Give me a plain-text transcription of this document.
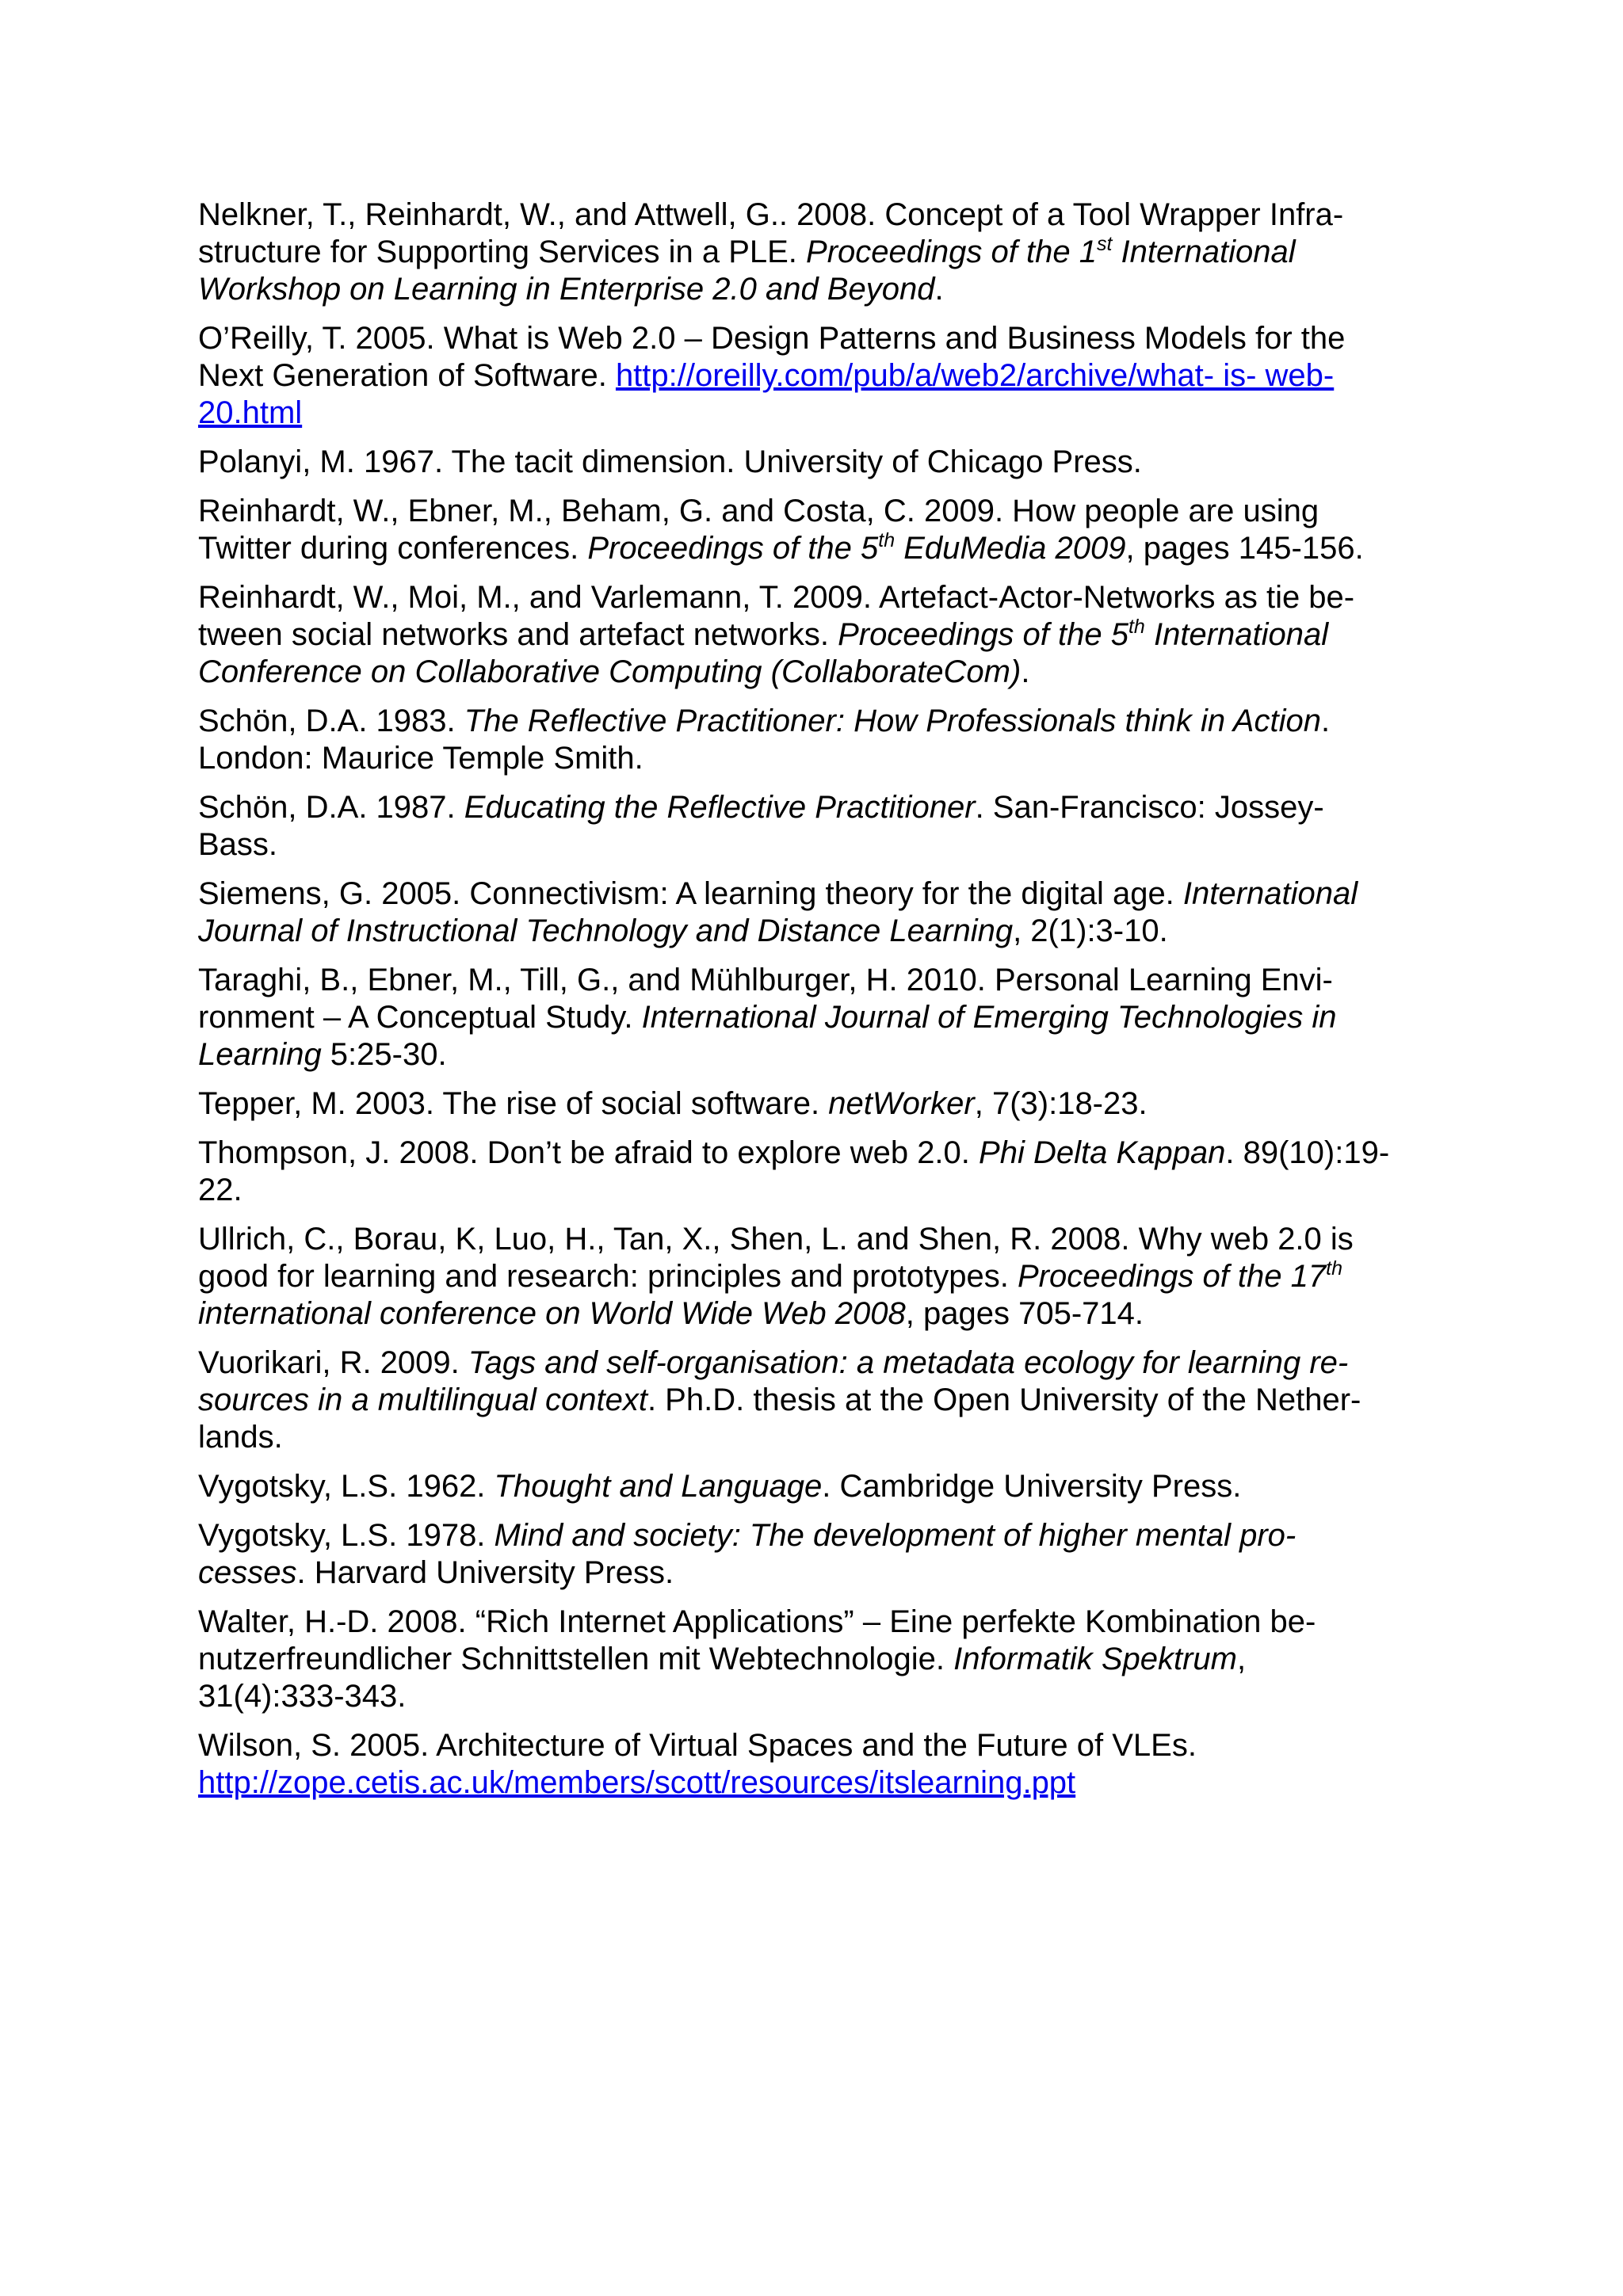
Nelkner, T., Reinhardt, W., and Attwell, G.. 2008. Concept of a Tool Wrapper Infra-
structure for Supporting Services in a PLE. Proceedings of the 1st International
Workshop on Learning in Enterprise 2.0 and Beyond.
O’Reilly, T. 2005. What is Web 2.0 – Design Patterns and Business Models for the
Next Generation of Software. http://oreilly.com/pub/a/web2/archive/what- is- web-
20.html
Polanyi, M. 1967. The tacit dimension. University of Chicago Press.
Reinhardt, W., Ebner, M., Beham, G. and Costa, C. 2009. How people are using
Twitter during conferences. Proceedings of the 5th EduMedia 2009, pages 145-156.
Reinhardt, W., Moi, M., and Varlemann, T. 2009. Artefact-Actor-Networks as tie be-
tween social networks and artefact networks. Proceedings of the 5th International
Conference on Collaborative Computing (CollaborateCom).
Schön, D.A. 1983. The Reflective Practitioner: How Professionals think in Action.
London: Maurice Temple Smith.
Schön, D.A. 1987. Educating the Reflective Practitioner. San-Francisco: Jossey-
Bass.
Siemens, G. 2005. Connectivism: A learning theory for the digital age. International
Journal of Instructional Technology and Distance Learning, 2(1):3-10.
Taraghi, B., Ebner, M., Till, G., and Mühlburger, H. 2010. Personal Learning Envi-
ronment – A Conceptual Study. International Journal of Emerging Technologies in
Learning 5:25-30.
Tepper, M. 2003. The rise of social software. netWorker, 7(3):18-23.
Thompson, J. 2008. Don’t be afraid to explore web 2.0. Phi Delta Kappan. 89(10):19-
22.
Ullrich, C., Borau, K, Luo, H., Tan, X., Shen, L. and Shen, R. 2008. Why web 2.0 is
good for learning and research: principles and prototypes. Proceedings of the 17th
international conference on World Wide Web 2008, pages 705-714.
Vuorikari, R. 2009. Tags and self-organisation: a metadata ecology for learning re-
sources in a multilingual context. Ph.D. thesis at the Open University of the Nether-
lands.
Vygotsky, L.S. 1962. Thought and Language. Cambridge University Press.
Vygotsky, L.S. 1978. Mind and society: The development of higher mental pro-
cesses. Harvard University Press.
Walter, H.-D. 2008. “Rich Internet Applications” – Eine perfekte Kombination be-
nutzerfreundlicher Schnittstellen mit Webtechnologie. Informatik Spektrum,
31(4):333-343.
Wilson, S. 2005. Architecture of Virtual Spaces and the Future of VLEs.
http://zope.cetis.ac.uk/members/scott/resources/itslearning.ppt
